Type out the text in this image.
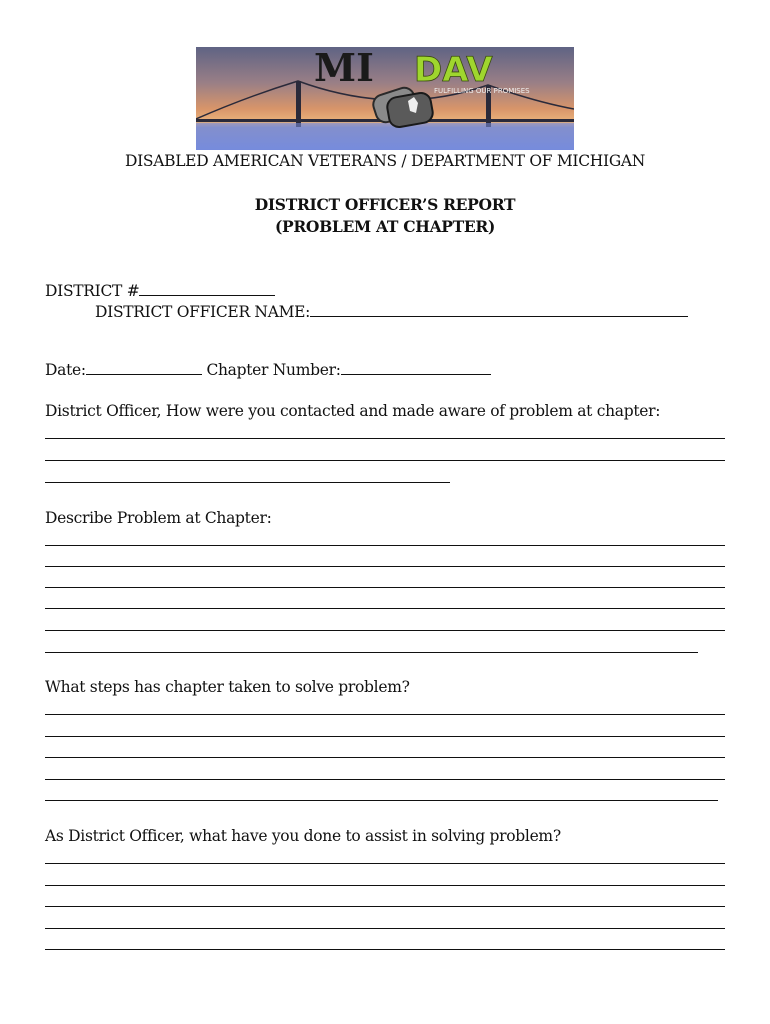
MI DAV
FULFILLING OUR PROMISES
DISABLED AMERICAN VETERANS / DEPARTMENT OF MICHIGAN
DISTRICT OFFICER’S REPORT
(PROBLEM AT CHAPTER)
DISTRICT #
DISTRICT OFFICER NAME:
Date:	Chapter Number:
District Officer, How were you contacted and made aware of problem at chapter:
Describe Problem at Chapter:
What steps has chapter taken to solve problem?
As District Officer, what have you done to assist in solving problem?
